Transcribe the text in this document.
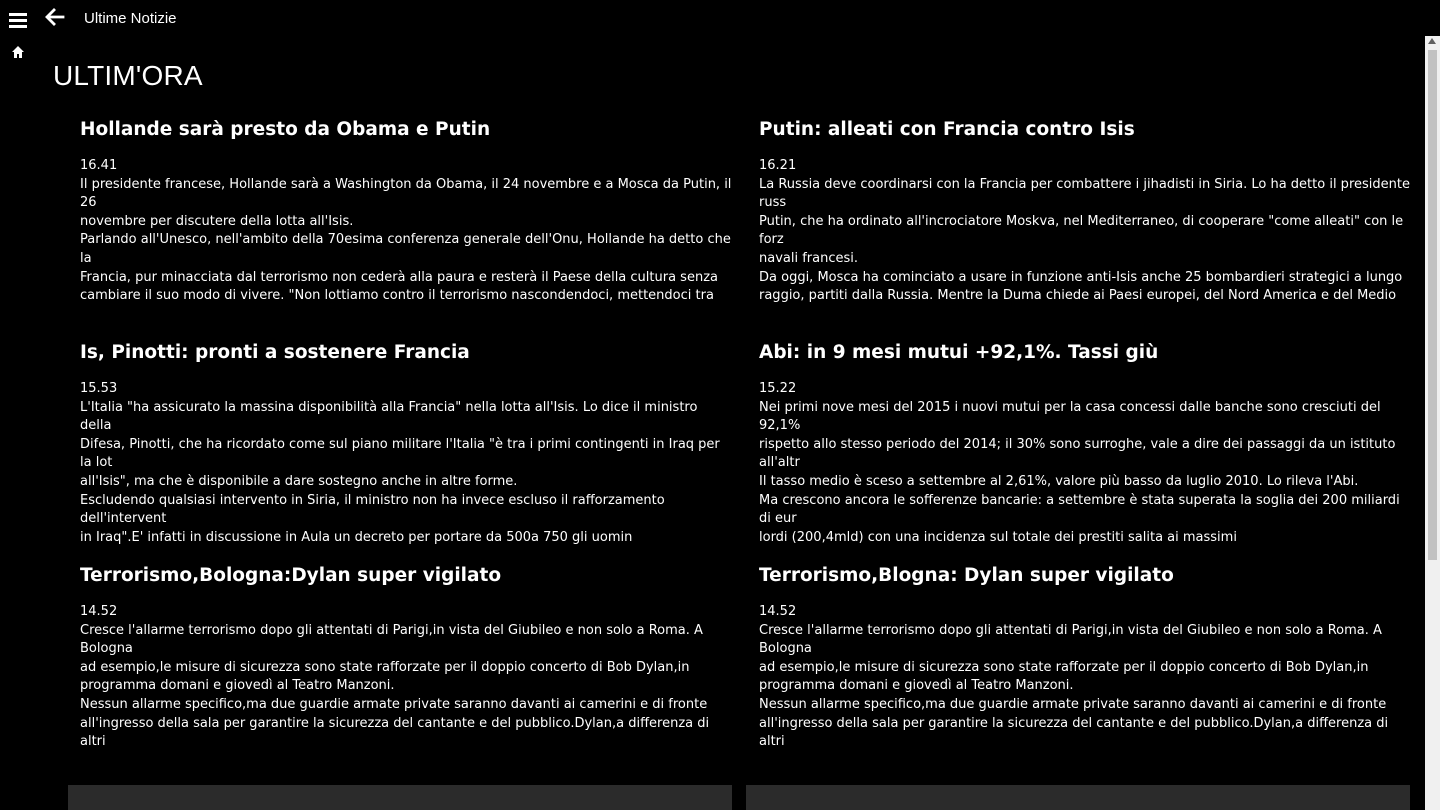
Ultime Notizie
ULTIM'ORA
Hollande sarà presto da Obama e Putin
16.41
Il presidente francese, Hollande sarà a Washington da Obama, il 24 novembre e a Mosca da Putin, il 26
novembre per discutere della lotta all'Isis.
Parlando all'Unesco, nell'ambito della 70esima conferenza generale dell'Onu, Hollande ha detto che la
Francia, pur minacciata dal terrorismo non cederà alla paura e resterà il Paese della cultura senza
cambiare il suo modo di vivere. "Non lottiamo contro il terrorismo nascondendoci, mettendoci tra
Putin: alleati con Francia contro Isis
16.21
La Russia deve coordinarsi con la Francia per combattere i jihadisti in Siria. Lo ha detto il presidente russ
Putin, che ha ordinato all'incrociatore Moskva, nel Mediterraneo, di cooperare "come alleati" con le forz
navali francesi.
Da oggi, Mosca ha cominciato a usare in funzione anti-Isis anche 25 bombardieri strategici a lungo
raggio, partiti dalla Russia. Mentre la Duma chiede ai Paesi europei, del Nord America e del Medio
Is, Pinotti: pronti a sostenere Francia
15.53
L'Italia "ha assicurato la massina disponibilità alla Francia" nella lotta all'Isis. Lo dice il ministro della
Difesa, Pinotti, che ha ricordato come sul piano militare l'Italia "è tra i primi contingenti in Iraq per la lot
all'Isis", ma che è disponibile a dare sostegno anche in altre forme.
Escludendo qualsiasi intervento in Siria, il ministro non ha invece escluso il rafforzamento dell'intervent
in Iraq".E' infatti in discussione in Aula un decreto per portare da 500a 750 gli uomin
Abi: in 9 mesi mutui +92,1%. Tassi giù
15.22
Nei primi nove mesi del 2015 i nuovi mutui per la casa concessi dalle banche sono cresciuti del 92,1%
rispetto allo stesso periodo del 2014; il 30% sono surroghe, vale a dire dei passaggi da un istituto all'altr
Il tasso medio è sceso a settembre al 2,61%, valore più basso da luglio 2010. Lo rileva l'Abi.
Ma crescono ancora le sofferenze bancarie: a settembre è stata superata la soglia dei 200 miliardi di eur
lordi (200,4mld) con una incidenza sul totale dei prestiti salita ai massimi
Terrorismo,Bologna:Dylan super vigilato
14.52
Cresce l'allarme terrorismo dopo gli attentati di Parigi,in vista del Giubileo e non solo a Roma. A Bologna
ad esempio,le misure di sicurezza sono state rafforzate per il doppio concerto di Bob Dylan,in
programma domani e giovedì al Teatro Manzoni.
Nessun allarme specifico,ma due guardie armate private saranno davanti ai camerini e di fronte
all'ingresso della sala per garantire la sicurezza del cantante e del pubblico.Dylan,a differenza di altri
Terrorismo,Blogna: Dylan super vigilato
14.52
Cresce l'allarme terrorismo dopo gli attentati di Parigi,in vista del Giubileo e non solo a Roma. A Bologna
ad esempio,le misure di sicurezza sono state rafforzate per il doppio concerto di Bob Dylan,in
programma domani e giovedì al Teatro Manzoni.
Nessun allarme specifico,ma due guardie armate private saranno davanti ai camerini e di fronte
all'ingresso della sala per garantire la sicurezza del cantante e del pubblico.Dylan,a differenza di altri
